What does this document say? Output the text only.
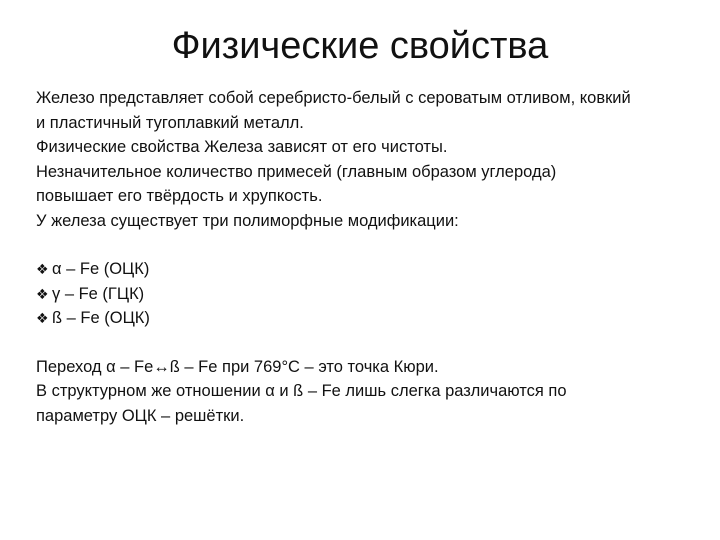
Физические свойства
Железо представляет собой серебристо-белый с сероватым отливом, ковкий
и пластичный тугоплавкий металл.
Физические свойства Железа зависят от его чистоты.
Незначительное количество примесей (главным образом углерода)
повышает его твёрдость и хрупкость.
У железа существует три полиморфные модификации:
❖ α – Fe (ОЦК)
❖ γ – Fe (ГЦК)
❖ ß – Fe (ОЦК)
Переход α – Fe↔ß – Fe при 769°C – это точка Кюри.
В структурном же отношении α и ß – Fe лишь слегка различаются по
параметру ОЦК – решётки.
